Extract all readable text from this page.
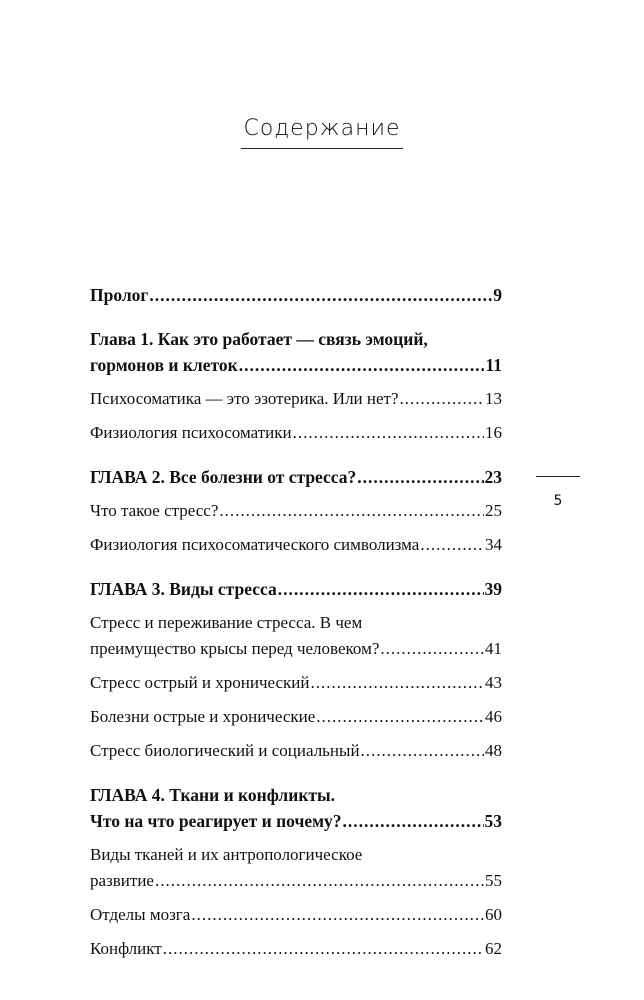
Содержание
Пролог .....	9
Глава 1. Как это работает — связь эмоций,
гормонов и клеток .....	11
Психосоматика — это эзотерика. Или нет? .....	13
Физиология психосоматики .....	16
ГЛАВА 2. Все болезни от стресса? .....	23
Что такое стресс? .....	25
Физиология психосоматического символизма .....	34
ГЛАВА 3. Виды стресса .....	39
Стресс и переживание стресса. В чем
преимущество крысы перед человеком? .....	41
Стресс острый и хронический .....	43
Болезни острые и хронические .....	46
Стресс биологический и социальный .....	48
ГЛАВА 4. Ткани и конфликты.
Что на что реагирует и почему? .....	53
Виды тканей и их антропологическое
развитие .....	55
Отделы мозга .....	60
Конфликт .....	62
5
